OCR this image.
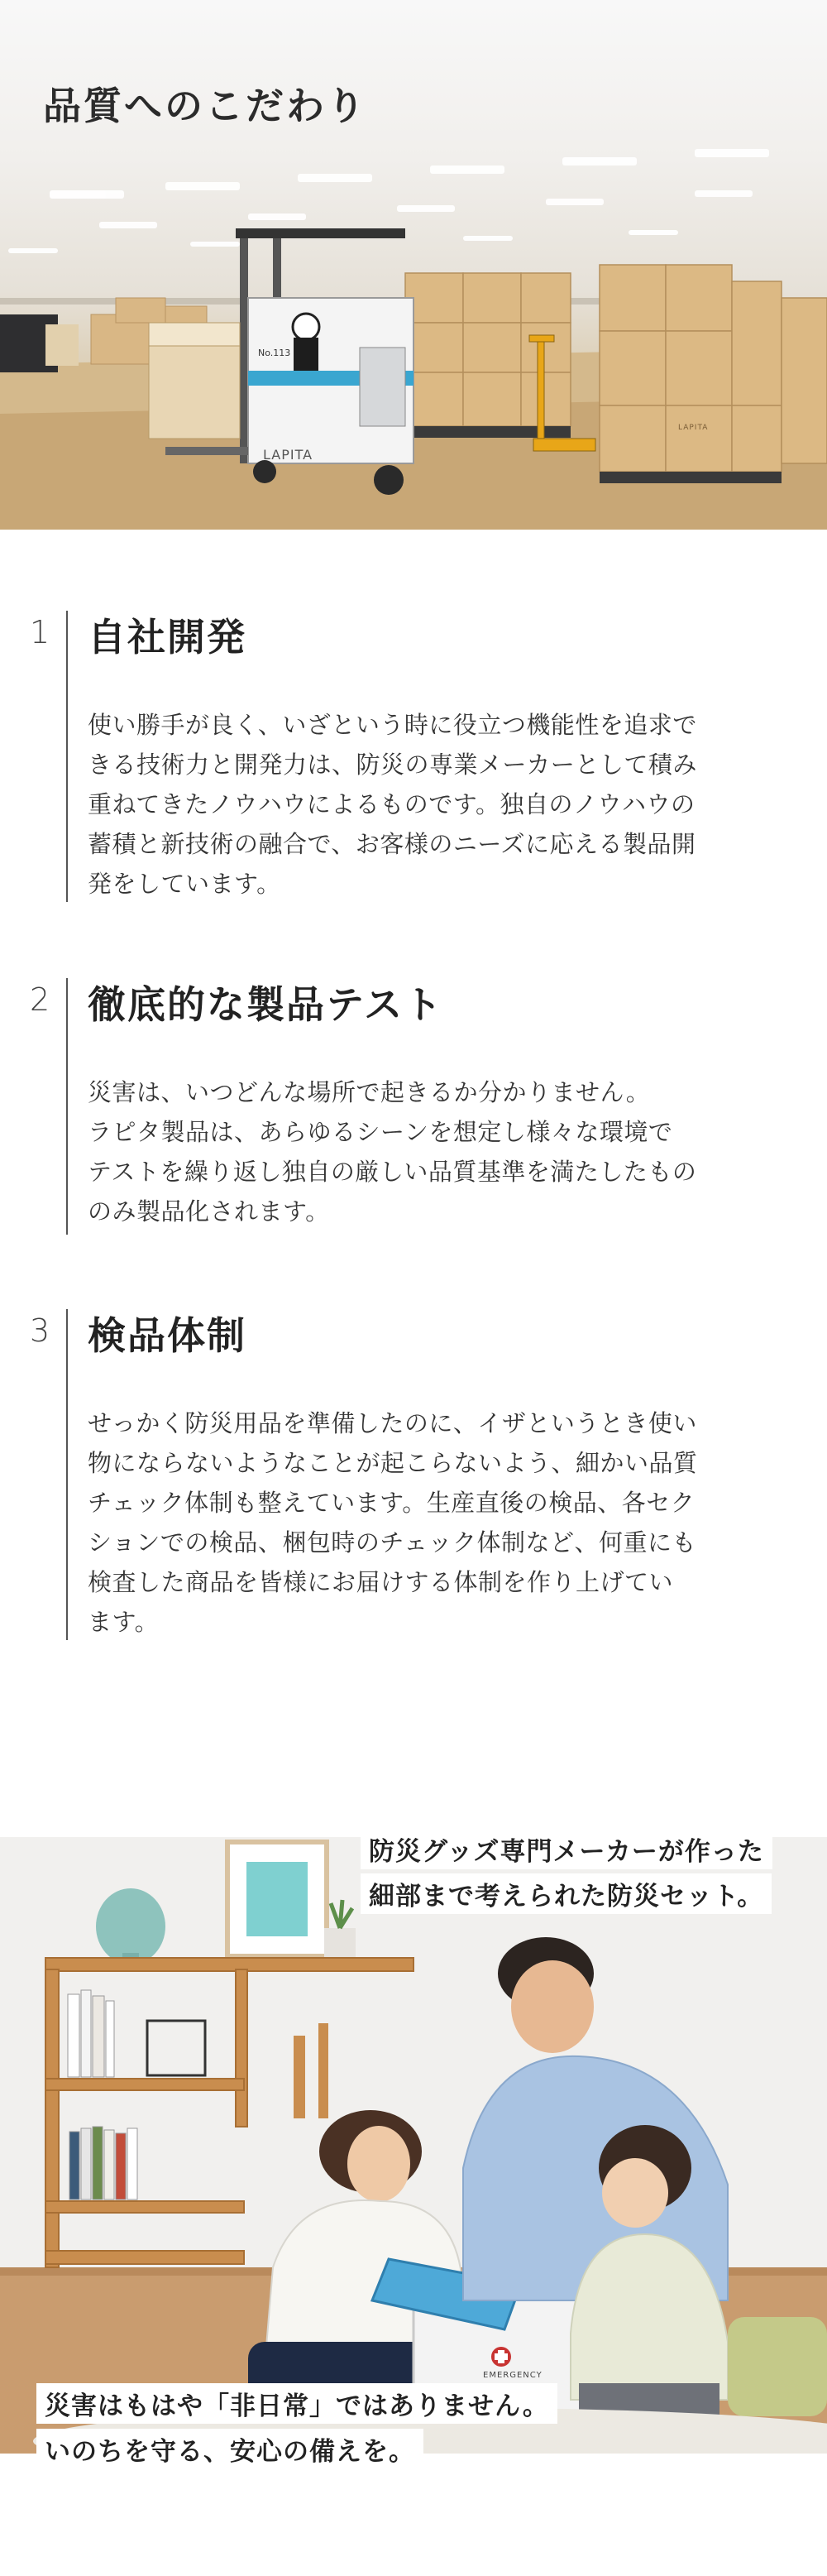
品質へのこだわり
No.113
LAPITA
LAPITA
1 自社開発
使い勝手が良く、いざという時に役立つ機能性を追求で
きる技術力と開発力は、防災の専業メーカーとして積み
重ねてきたノウハウによるものです。独自のノウハウの
蓄積と新技術の融合で、お客様のニーズに応える製品開
発をしています。
2 徹底的な製品テスト
災害は、いつどんな場所で起きるか分かりません。
ラピタ製品は、あらゆるシーンを想定し様々な環境で
テストを繰り返し独自の厳しい品質基準を満たしたもの
のみ製品化されます。
3 検品体制
せっかく防災用品を準備したのに、イザというとき使い
物にならないようなことが起こらないよう、細かい品質
チェック体制も整えています。生産直後の検品、各セク
ションでの検品、梱包時のチェック体制など、何重にも
検査した商品を皆様にお届けする体制を作り上げてい
ます。
防災グッズ専門メーカーが作った
細部まで考えられた防災セット。
EMERGENCY
災害はもはや「非日常」ではありません。
いのちを守る、安心の備えを。
